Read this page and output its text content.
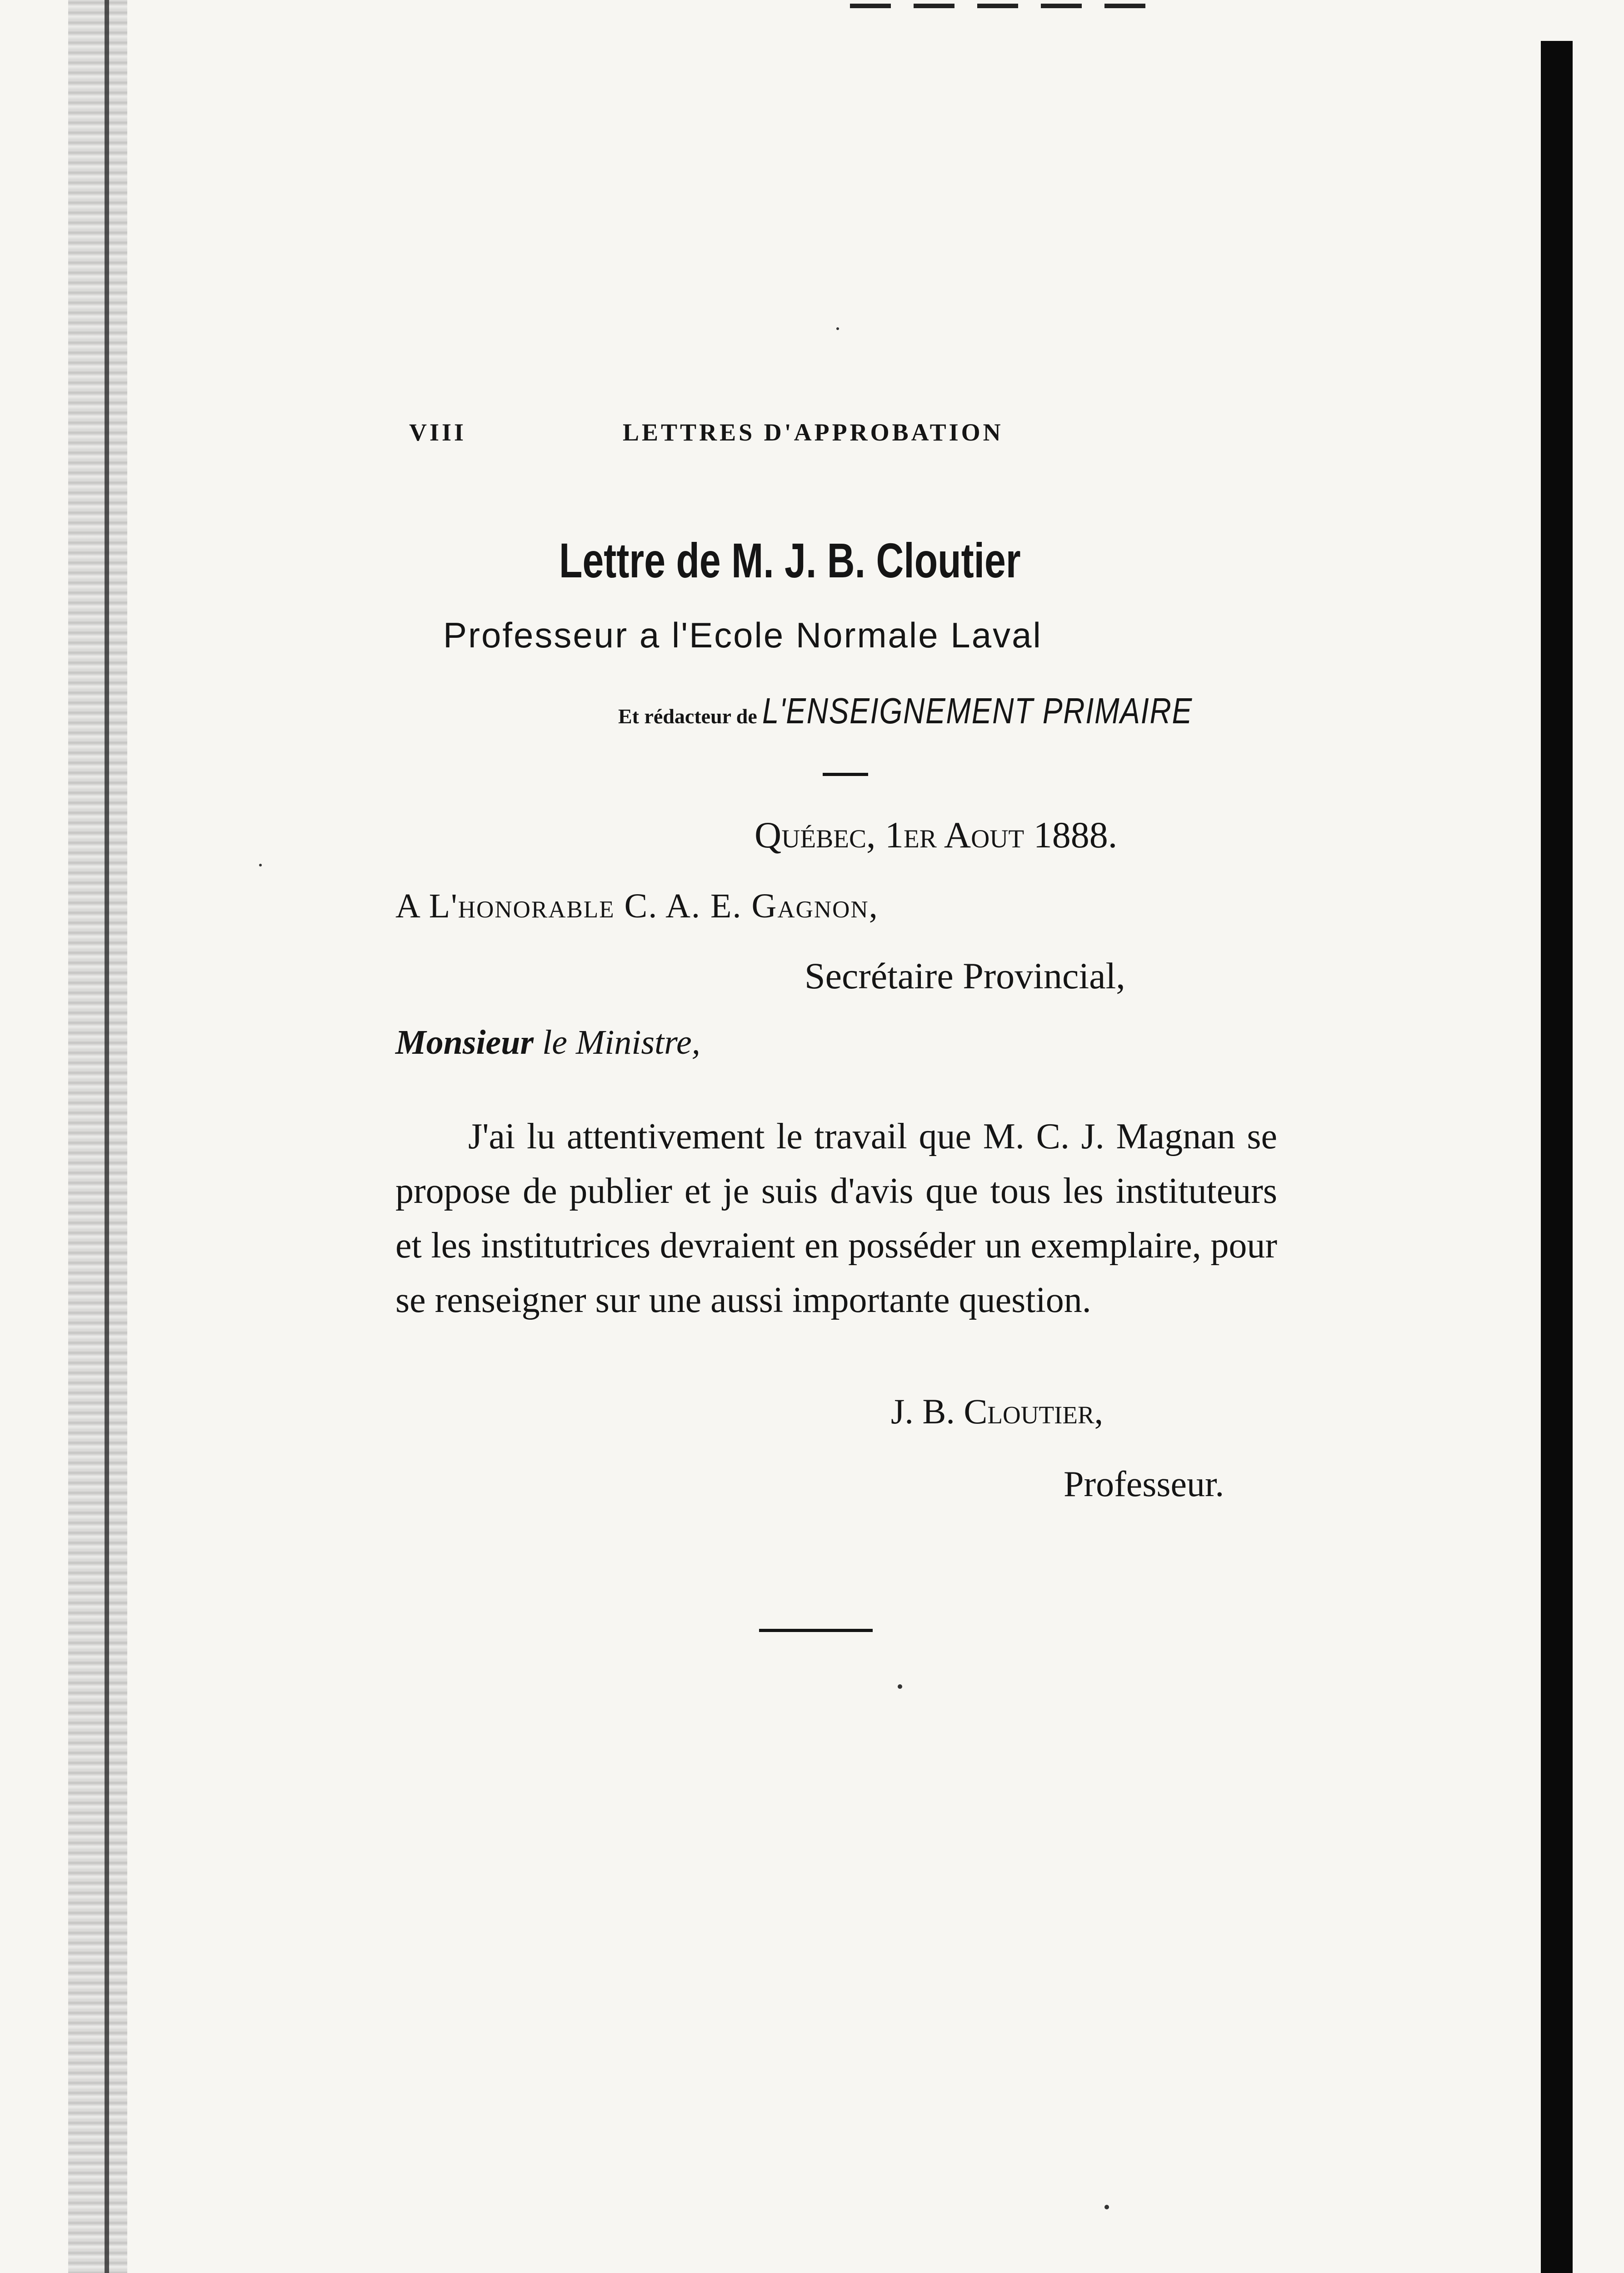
VIII	LETTRES D'APPROBATION
Lettre de M. J. B. Cloutier
Professeur a l'Ecole Normale Laval
Et rédacteur de L'ENSEIGNEMENT PRIMAIRE
Québec, 1er Aout 1888.
A L'honorable C. A. E. Gagnon,
Secrétaire Provincial,
Monsieur le Ministre,

J'ai lu attentivement le travail que M. C. J. Magnan se propose de publier et je suis d'avis que tous les instituteurs et les institutrices devraient en posséder un exemplaire, pour se renseigner sur une aussi importante question.

J. B. Cloutier,
Professeur.
